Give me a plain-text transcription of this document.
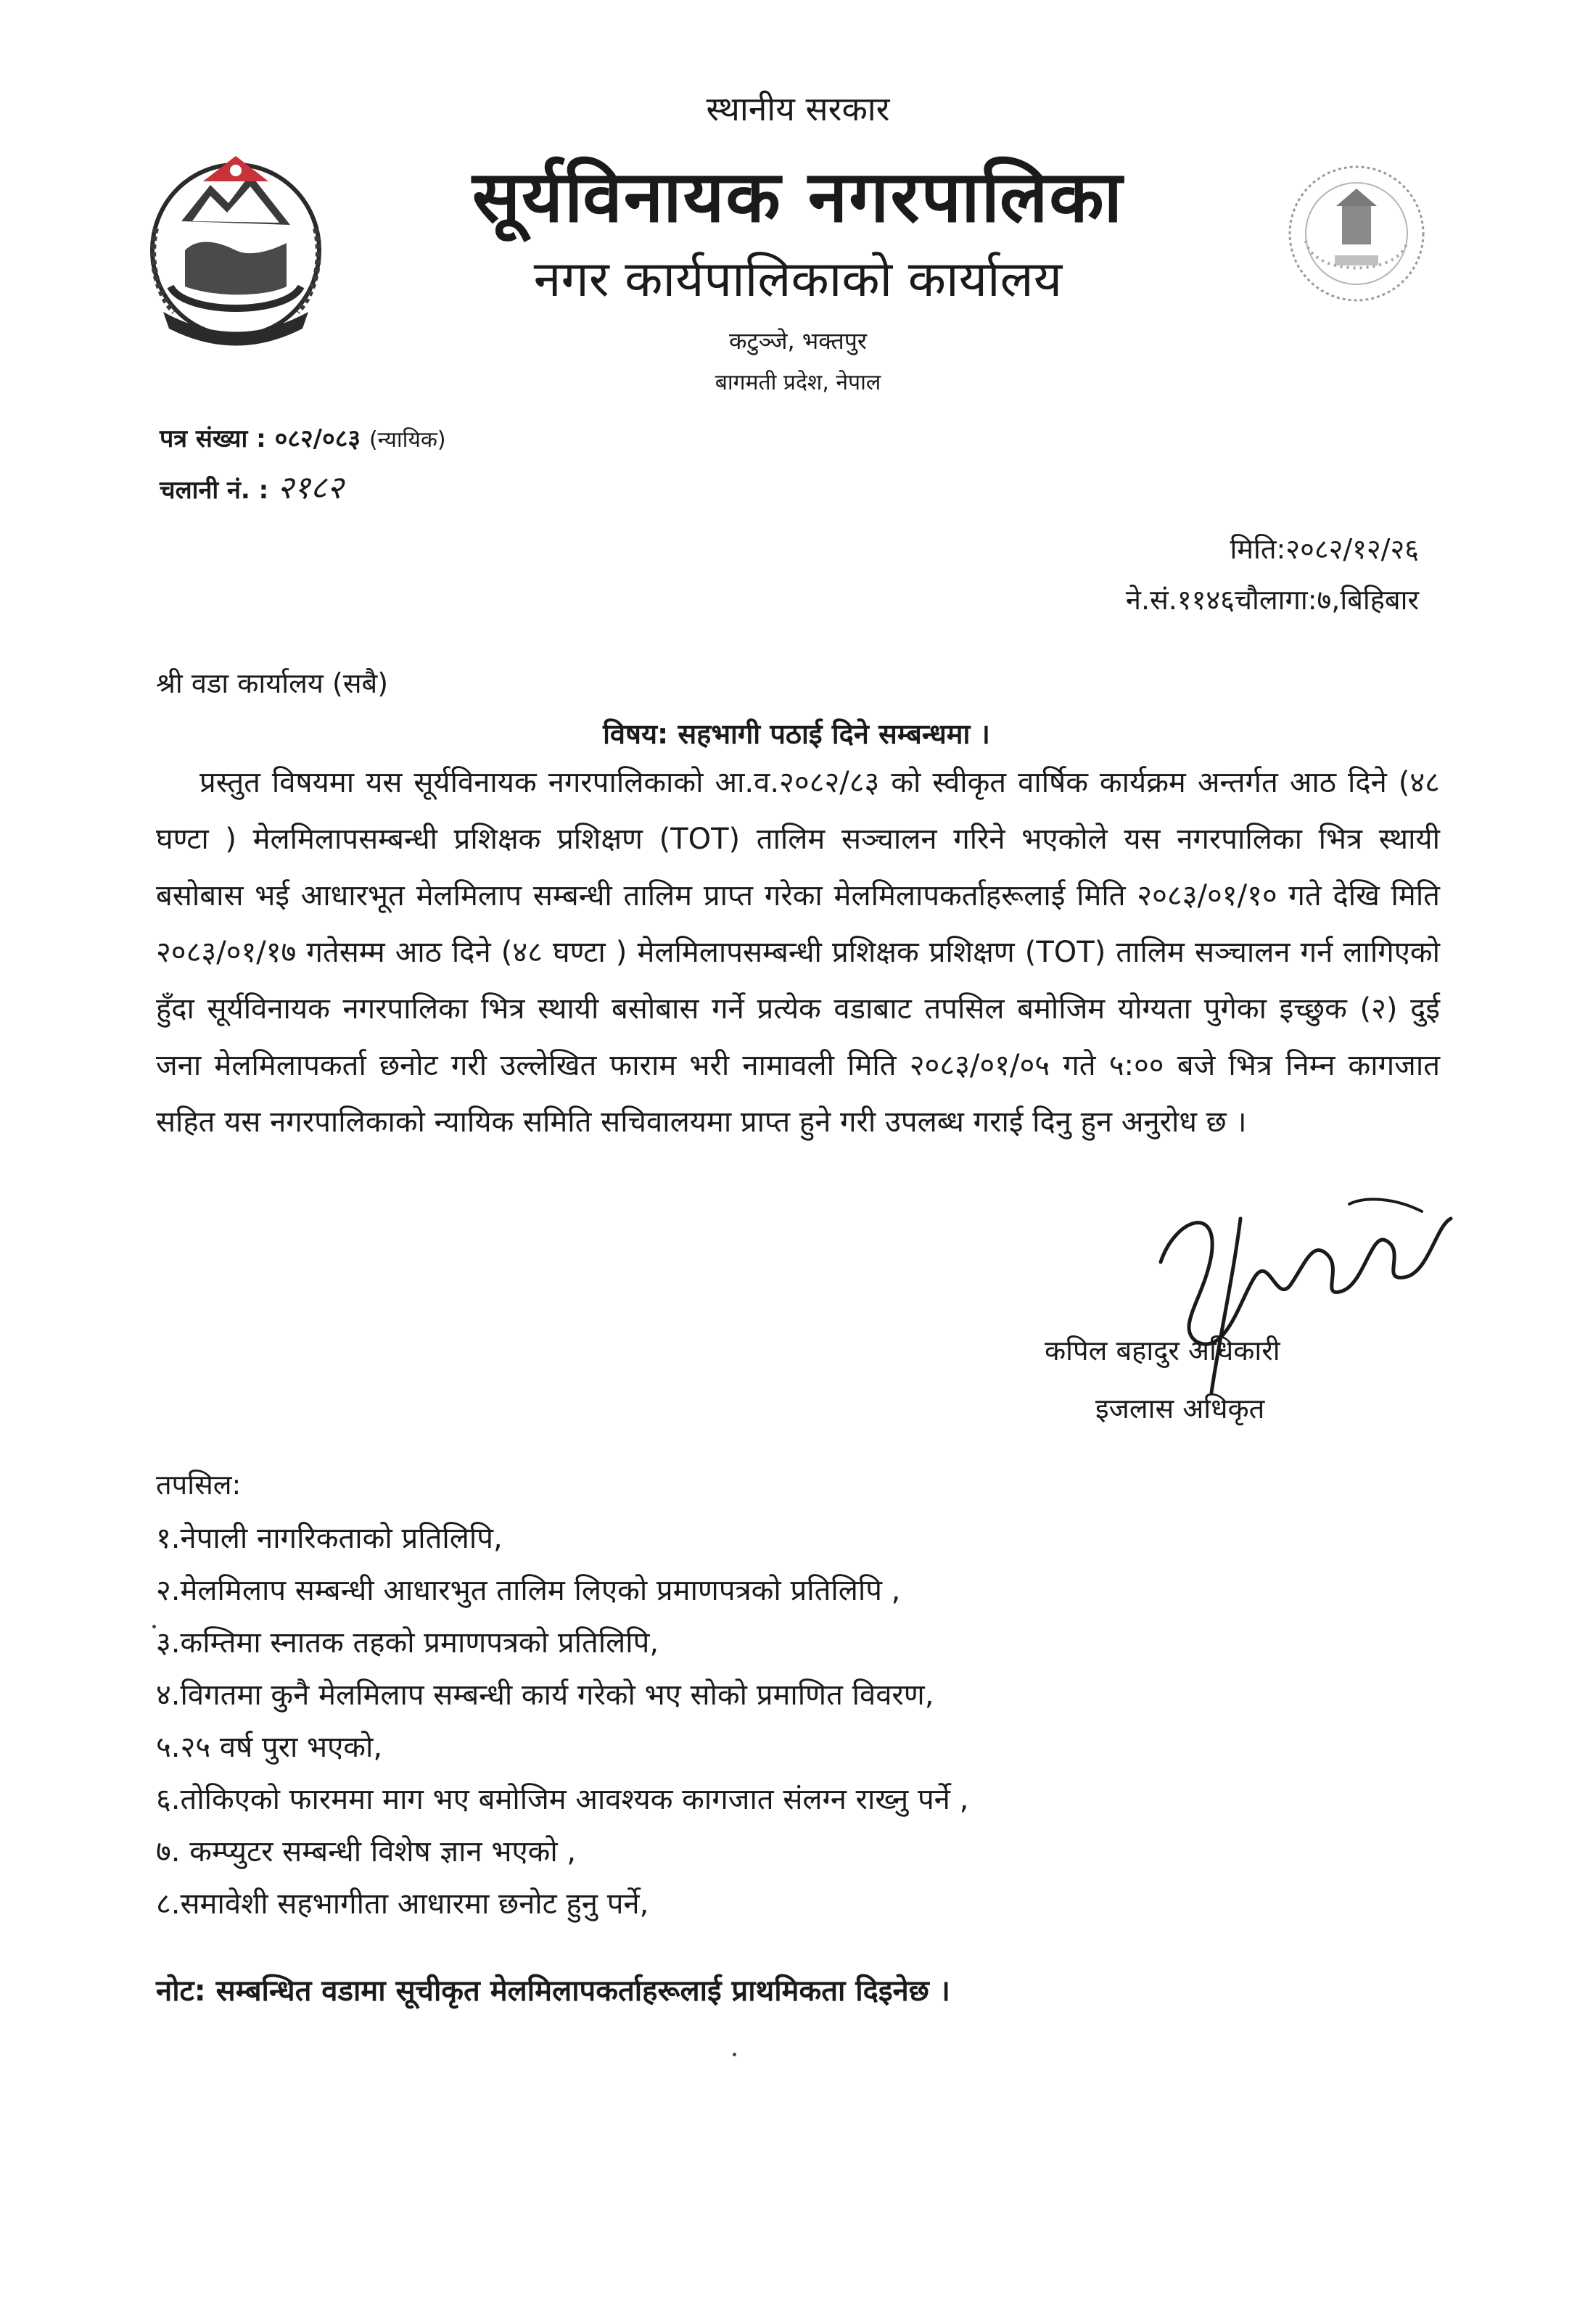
स्थानीय सरकार
सूर्यविनायक नगरपालिका
नगर कार्यपालिकाको कार्यालय
कटुञ्जे, भक्तपुर
बागमती प्रदेश, नेपाल
पत्र संख्या : ०८२/०८३ (न्यायिक)
चलानी नं. : २१८२
मिति:२०८२/१२/२६
ने.सं.११४६चौलागा:७,बिहिबार
श्री वडा कार्यालय (सबै)
विषय: सहभागी पठाई दिने सम्बन्धमा ।
प्रस्तुत विषयमा यस सूर्यविनायक नगरपालिकाको आ.व.२०८२/८३ को स्वीकृत वार्षिक कार्यक्रम अन्तर्गत आठ दिने (४८ घण्टा ) मेलमिलापसम्बन्धी प्रशिक्षक प्रशिक्षण (TOT) तालिम सञ्चालन गरिने भएकोले यस नगरपालिका भित्र स्थायी बसोबास भई आधारभूत मेलमिलाप सम्बन्धी तालिम प्राप्त गरेका मेलमिलापकर्ताहरूलाई मिति २०८३/०१/१० गते देखि मिति २०८३/०१/१७ गतेसम्म आठ दिने (४८ घण्टा ) मेलमिलापसम्बन्धी प्रशिक्षक प्रशिक्षण (TOT) तालिम सञ्चालन गर्न लागिएको हुँदा सूर्यविनायक नगरपालिका भित्र स्थायी बसोबास गर्ने प्रत्येक वडाबाट तपसिल बमोजिम योग्यता पुगेका इच्छुक (२) दुई जना मेलमिलापकर्ता छनोट गरी उल्लेखित फाराम भरी नामावली मिति २०८३/०१/०५ गते ५:०० बजे भित्र निम्न कागजात सहित यस नगरपालिकाको न्यायिक समिति सचिवालयमा प्राप्त हुने गरी उपलब्ध गराई दिनु हुन अनुरोध छ ।
कपिल बहादुर अधिकारी
इजलास अधिकृत
तपसिल:
१.नेपाली नागरिकताको प्रतिलिपि,
२.मेलमिलाप सम्बन्धी आधारभुत तालिम लिएको प्रमाणपत्रको प्रतिलिपि ,
३.कम्तिमा स्नातक तहको प्रमाणपत्रको प्रतिलिपि,
४.विगतमा कुनै मेलमिलाप सम्बन्धी कार्य गरेको भए सोको प्रमाणित विवरण,
५.२५ वर्ष पुरा भएको,
६.तोकिएको फारममा माग भए बमोजिम आवश्यक कागजात संलग्न राख्नु पर्ने ,
७. कम्प्युटर सम्बन्धी विशेष ज्ञान भएको ,
८.समावेशी सहभागीता आधारमा छनोट हुनु पर्ने,
नोट: सम्बन्धित वडामा सूचीकृत मेलमिलापकर्ताहरूलाई प्राथमिकता दिइनेछ ।
